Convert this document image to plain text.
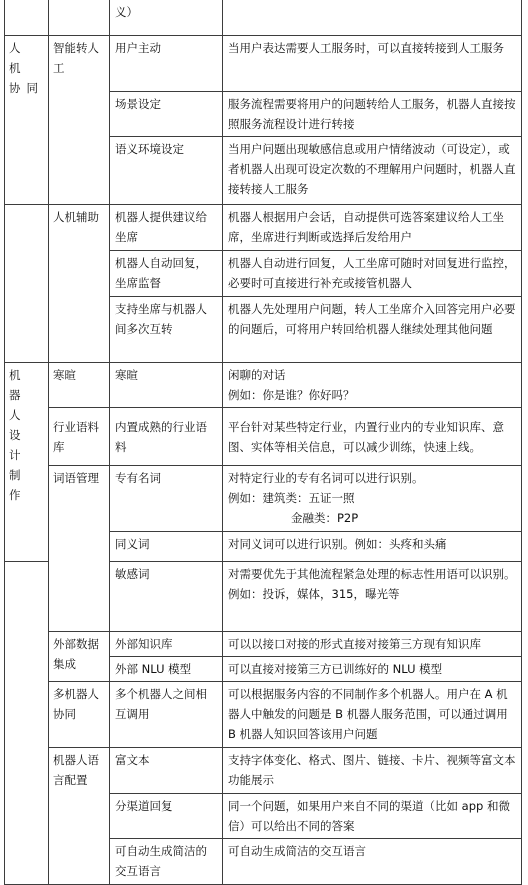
		义）	
人 机 协同	智能转人工	用户主动	当用户表达需要人工服务时，可以直接转接到人工服务
		场景设定	服务流程需要将用户的问题转给人工服务，机器人直接按照服务流程设计进行转接
		语义环境设定	当用户问题出现敏感信息或用户情绪波动（可设定），或者机器人出现可设定次数的不理解用户问题时，机器人直接转接人工服务
	人机辅助	机器人提供建议给坐席	机器人根据用户会话，自动提供可选答案建议给人工坐席，坐席进行判断或选择后发给用户
		机器人自动回复，坐席监督	机器人自动进行回复，人工坐席可随时对回复进行监控，必要时可直接进行补充或接管机器人
		支持坐席与机器人间多次互转	机器人先处理用户问题，转人工坐席介入回答完用户必要的问题后，可将用户转回给机器人继续处理其他问题
机 器 人 设 计 制 作	寒暄	寒暄	闲聊的对话
例如：你是谁？你好吗？

	行业语料库	内置成熟的行业语料	平台针对某些特定行业，内置行业内的专业知识库、意图、实体等相关信息，可以减少训练，快速上线。
	词语管理	专有名词	对特定行业的专有名词可以进行识别。
例如：建筑类：五证一照
金融类：P2P

		同义词	对同义词可以进行识别。例如：头疼和头痛
		敏感词	对需要优先于其他流程紧急处理的标志性用语可以识别。
例如：投诉，媒体，315，曝光等

	外部数据集成	外部知识库	可以以接口对接的形式直接对接第三方现有知识库
		外部 NLU 模型	可以直接对接第三方已训练好的 NLU 模型
	多机器人协同	多个机器人之间相互调用	可以根据服务内容的不同制作多个机器人。用户在 A 机器人中触发的问题是 B 机器人服务范围，可以通过调用 B 机器人知识回答该用户问题
	机器人语言配置	富文本	支持字体变化、格式、图片、链接、卡片、视频等富文本功能展示
		分渠道回复	同一个问题，如果用户来自不同的渠道（比如 app 和微信）可以给出不同的答案
		可自动生成简洁的交互语言	可自动生成简洁的交互语言
